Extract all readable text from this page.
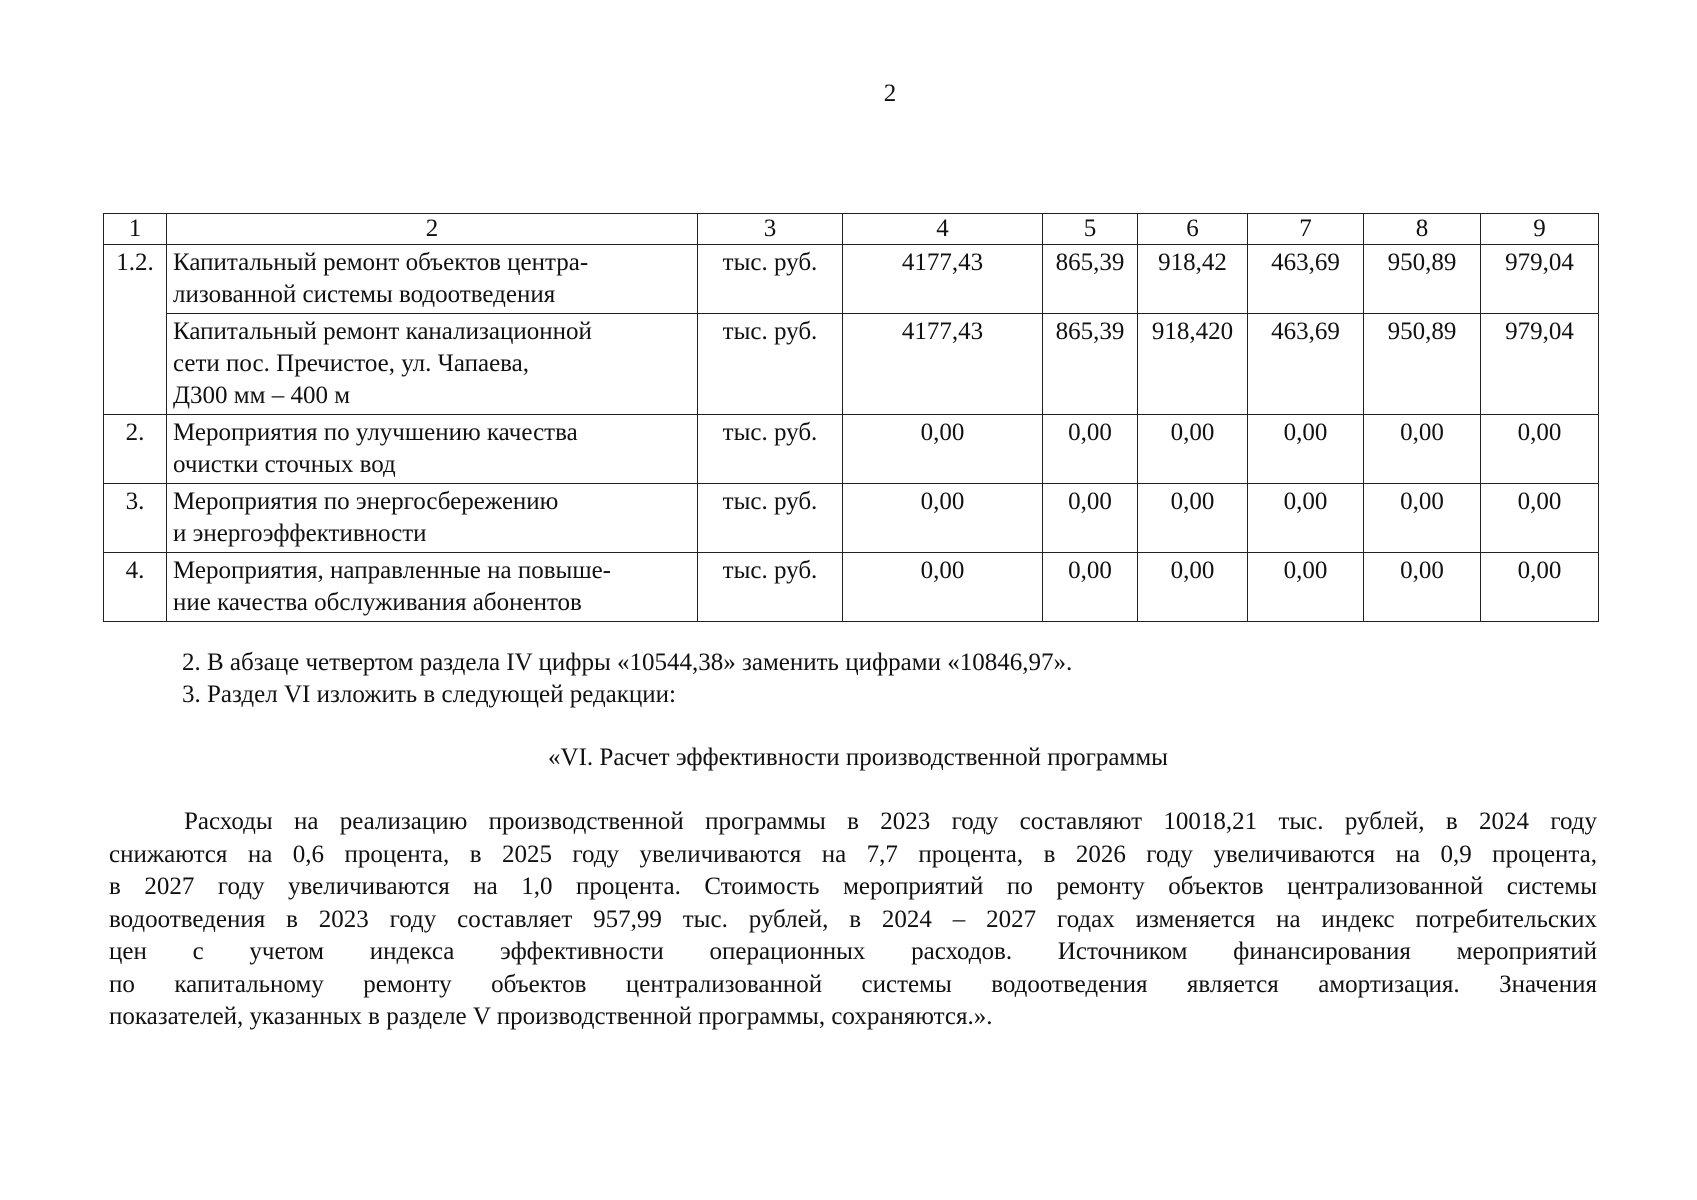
2
1	2	3	4	5	6	7	8	9
1.2.	Капитальный ремонт объектов центра-
лизованной системы водоотведения	тыс. руб.	4177,43	865,39	918,42	463,69	950,89	979,04
	Капитальный ремонт канализационной
сети пос. Пречистое, ул. Чапаева,
Д300 мм – 400 м	тыс. руб.	4177,43	865,39	918,420	463,69	950,89	979,04
2.	Мероприятия по улучшению качества
очистки сточных вод	тыс. руб.	0,00	0,00	0,00	0,00	0,00	0,00
3.	Мероприятия по энергосбережению
и энергоэффективности	тыс. руб.	0,00	0,00	0,00	0,00	0,00	0,00
4.	Мероприятия, направленные на повыше-
ние качества обслуживания абонентов	тыс. руб.	0,00	0,00	0,00	0,00	0,00	0,00
2. В абзаце четвертом раздела IV цифры «10544,38» заменить цифрами «10846,97».
3. Раздел VI изложить в следующей редакции:
«VI. Расчет эффективности производственной программы
Расходы на реализацию производственной программы в 2023 году составляют 10018,21 тыс. рублей, в 2024 году
снижаются на 0,6 процента, в 2025 году увеличиваются на 7,7 процента, в 2026 году увеличиваются на 0,9 процента,
в 2027 году увеличиваются на 1,0 процента. Стоимость мероприятий по ремонту объектов централизованной системы
водоотведения в 2023 году составляет 957,99 тыс. рублей, в 2024 – 2027 годах изменяется на индекс потребительских
цен с учетом индекса эффективности операционных расходов. Источником финансирования мероприятий
по капитальному ремонту объектов централизованной системы водоотведения является амортизация. Значения
показателей, указанных в разделе V производственной программы, сохраняются.».
